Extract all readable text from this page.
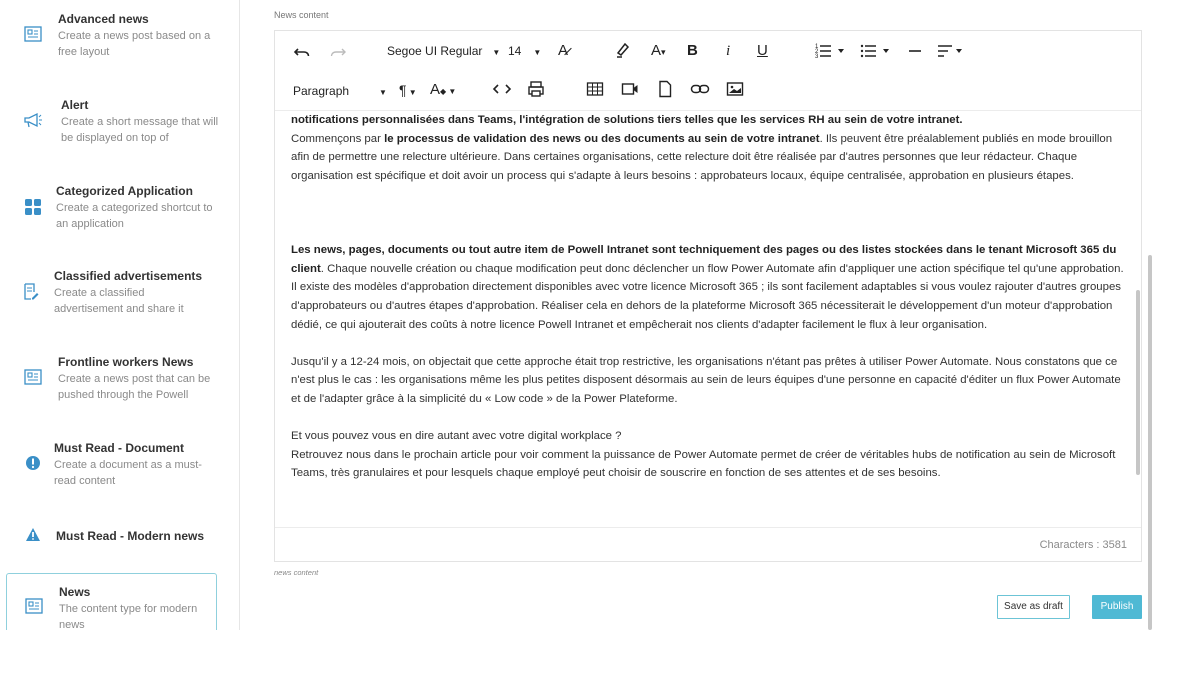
Advanced news
Create a news post based on a free layout
Alert
Create a short message that will be displayed on top of
Categorized Application
Create a categorized shortcut to an application
Classified advertisements
Create a classified advertisement and share it
Frontline workers News
Create a news post that can be pushed through the Powell
Must Read - Document
Create a document as a must-read content
Must Read - Modern news
News
The content type for modern news
News content
Segoe UI Regular ▼ 14 ▼ A̷	A▾ B i U	1
2
3
Paragraph	▼ ¶ ▼ A◆ ▼

notifications personnalisées dans Teams, l'intégration de solutions tiers telles que les services RH au sein de votre intranet.

Commençons par le processus de validation des news ou des documents au sein de votre intranet. Ils peuvent être préalablement publiés en mode brouillon afin de permettre une relecture ultérieure. Dans certaines organisations, cette relecture doit être réalisée par d'autres personnes que leur rédacteur. Chaque organisation est spécifique et doit avoir un process qui s'adapte à leurs besoins : approbateurs locaux, équipe centralisée, approbation en plusieurs étapes.

Les news, pages, documents ou tout autre item de Powell Intranet sont techniquement des pages ou des listes stockées dans le tenant Microsoft 365 du client. Chaque nouvelle création ou chaque modification peut donc déclencher un flow Power Automate afin d'appliquer une action spécifique tel qu'une approbation. Il existe des modèles d'approbation directement disponibles avec votre licence Microsoft 365 ; ils sont facilement adaptables si vous voulez rajouter d'autres groupes d'approbateurs ou d'autres étapes d'approbation. Réaliser cela en dehors de la plateforme Microsoft 365 nécessiterait le développement d'un moteur d'approbation dédié, ce qui ajouterait des coûts à notre licence Powell Intranet et empêcherait nos clients d'adapter facilement le flux à leur organisation.

Jusqu'il y a 12-24 mois, on objectait que cette approche était trop restrictive, les organisations n'étant pas prêtes à utiliser Power Automate. Nous constatons que ce n'est plus le cas : les organisations même les plus petites disposent désormais au sein de leurs équipes d'une personne en capacité d'éditer un flux Power Automate et de l'adapter grâce à la simplicité du « Low code » de la Power Plateforme.

Et vous pouvez vous en dire autant avec votre digital workplace ?

Retrouvez nous dans le prochain article pour voir comment la puissance de Power Automate permet de créer de véritables hubs de notification au sein de Microsoft Teams, très granulaires et pour lesquels chaque employé peut choisir de souscrire en fonction de ses attentes et de ses besoins.

Characters : 3581
news content
Save as draft	Publish
